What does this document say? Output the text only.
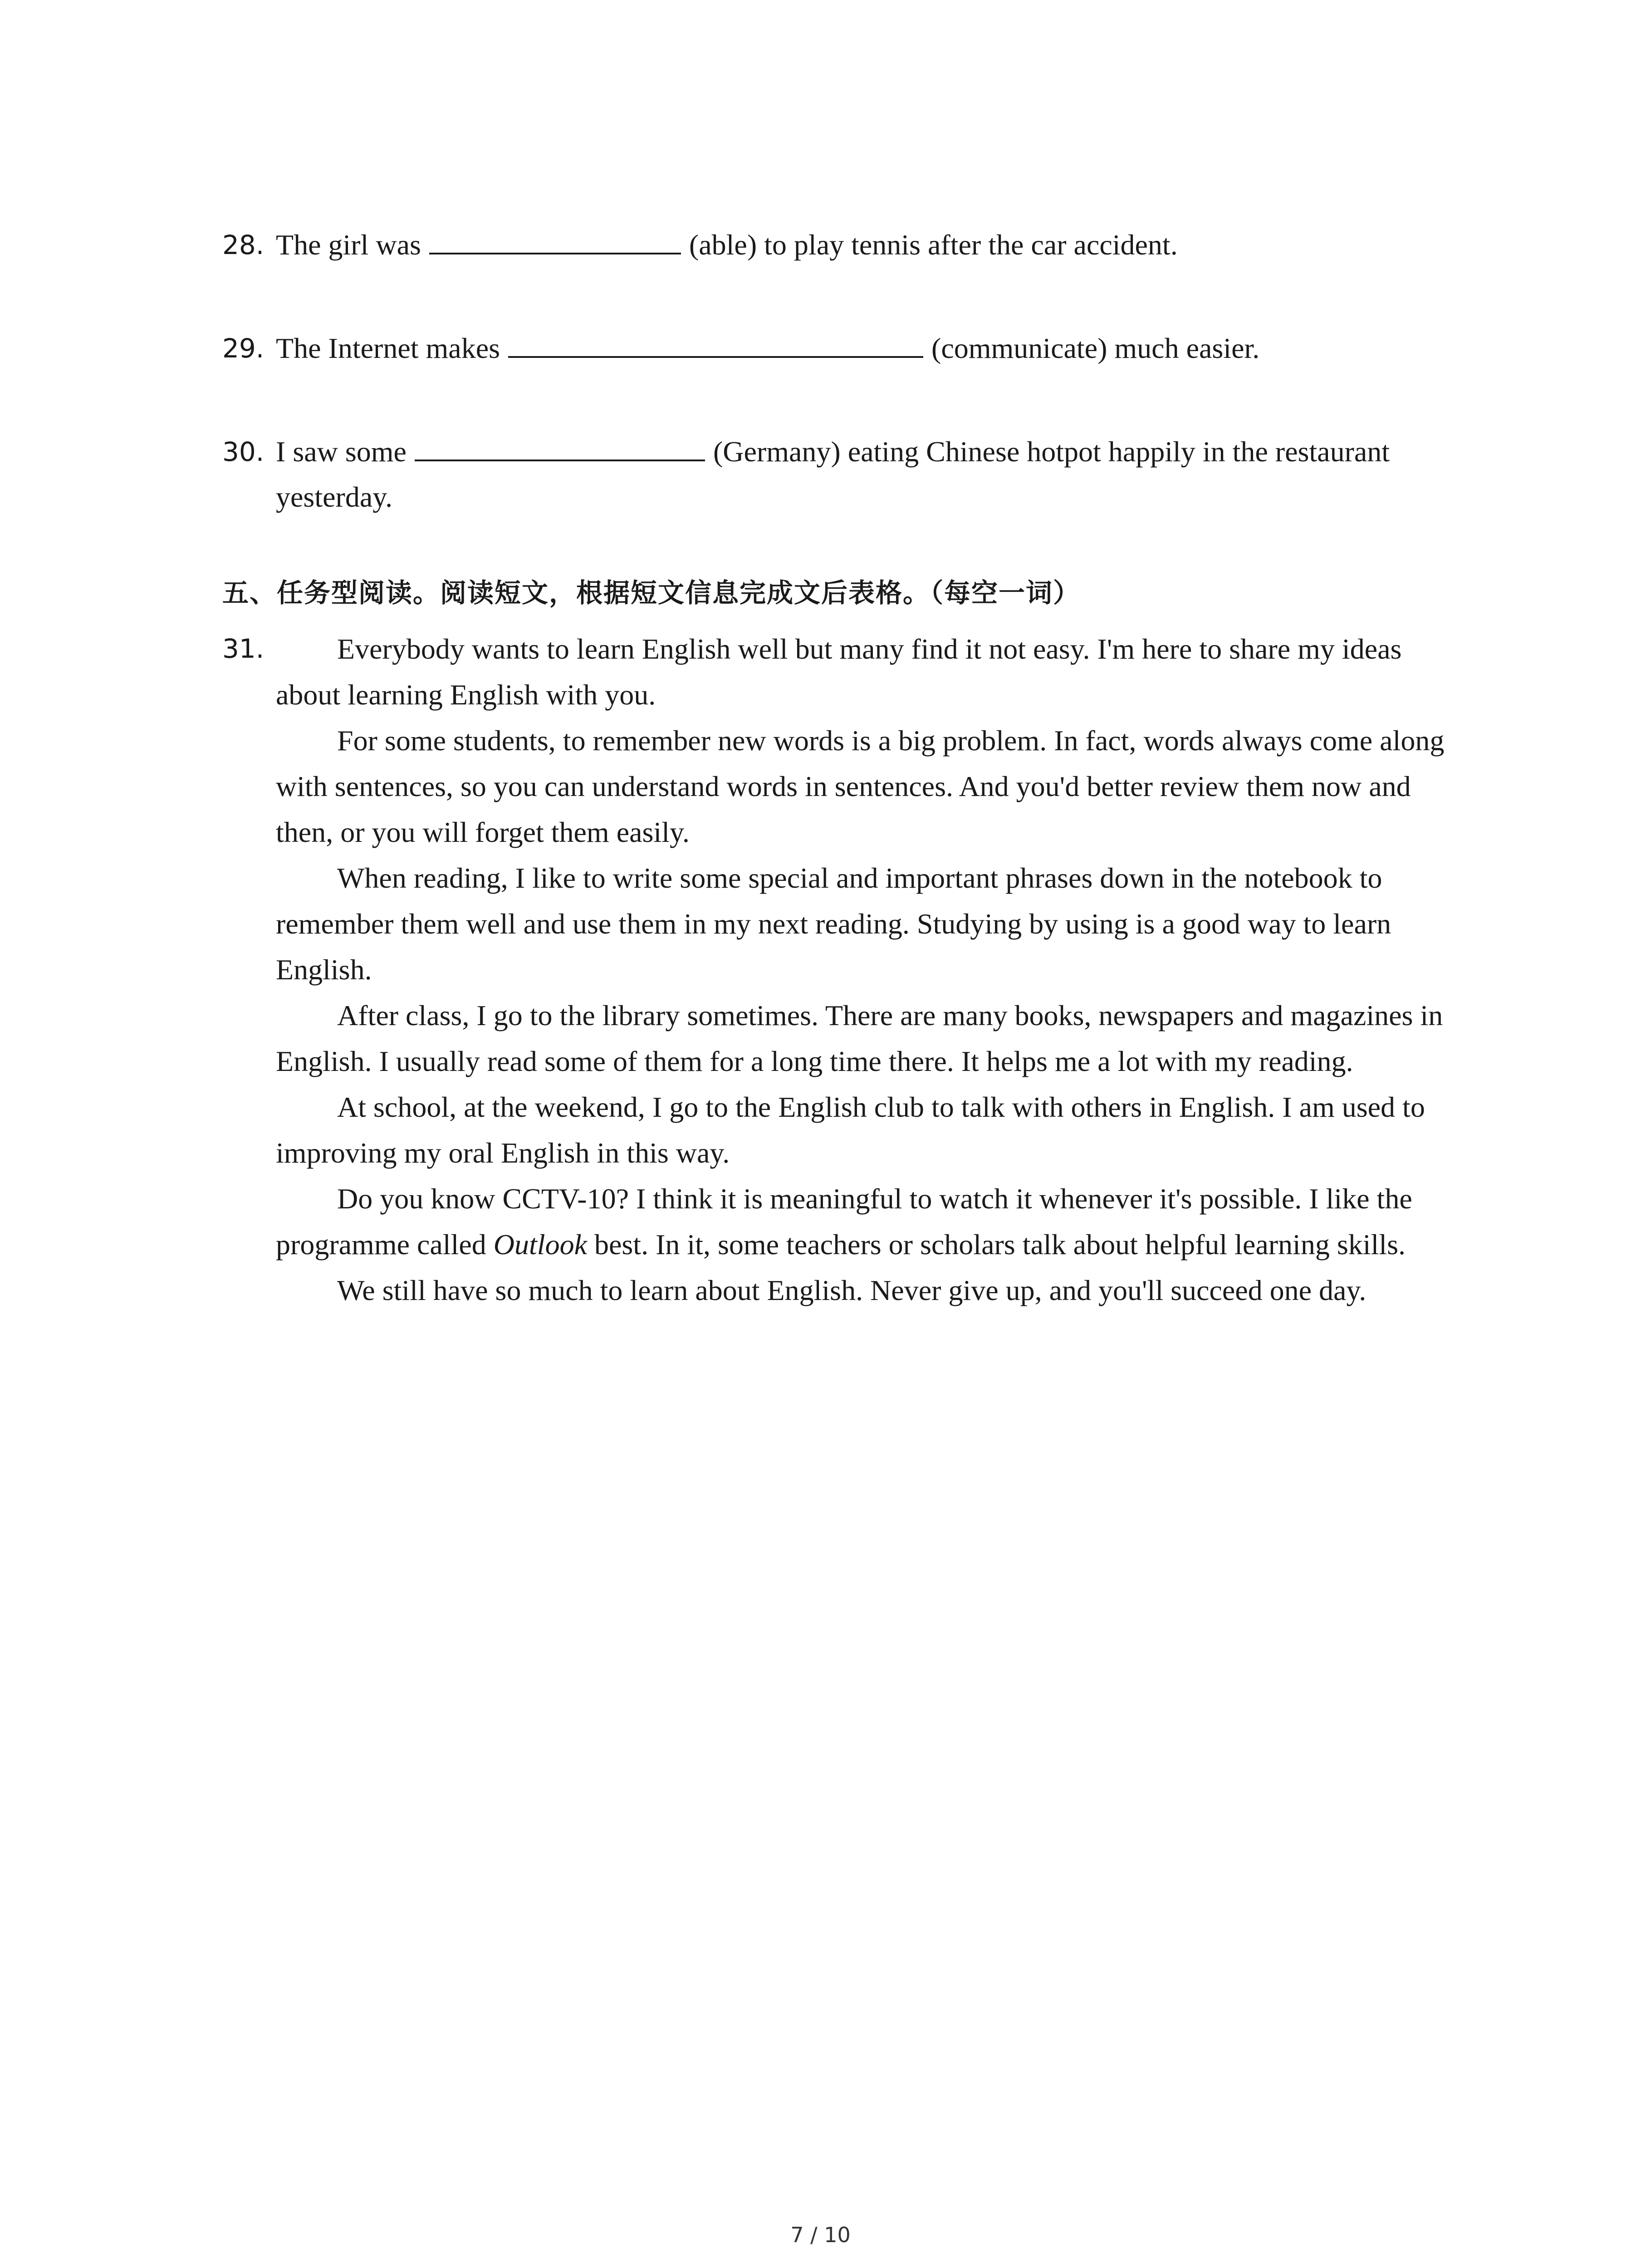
28. The girl was	(able) to play tennis after the car accident.
29. The Internet makes	(communicate) much easier.
30. I saw some	(Germany) eating Chinese hotpot happily in the restaurant
yesterday.
五、任务型阅读。阅读短文，根据短文信息完成文后表格。（每空一词）
31.	Everybody wants to learn English well but many find it not easy. I'm here to share my ideas about learning English with you.

For some students, to remember new words is a big problem. In fact, words always come along with sentences, so you can understand words in sentences. And you'd better review them now and then, or you will forget them easily.

When reading, I like to write some special and important phrases down in the notebook to remember them well and use them in my next reading. Studying by using is a good way to learn English.

After class, I go to the library sometimes. There are many books, newspapers and magazines in English. I usually read some of them for a long time there. It helps me a lot with my reading.

At school, at the weekend, I go to the English club to talk with others in English. I am used to improving my oral English in this way.

Do you know CCTV-10? I think it is meaningful to watch it whenever it's possible. I like the programme called Outlook best. In it, some teachers or scholars talk about helpful learning skills.

We still have so much to learn about English. Never give up, and you'll succeed one day.

7 / 10
